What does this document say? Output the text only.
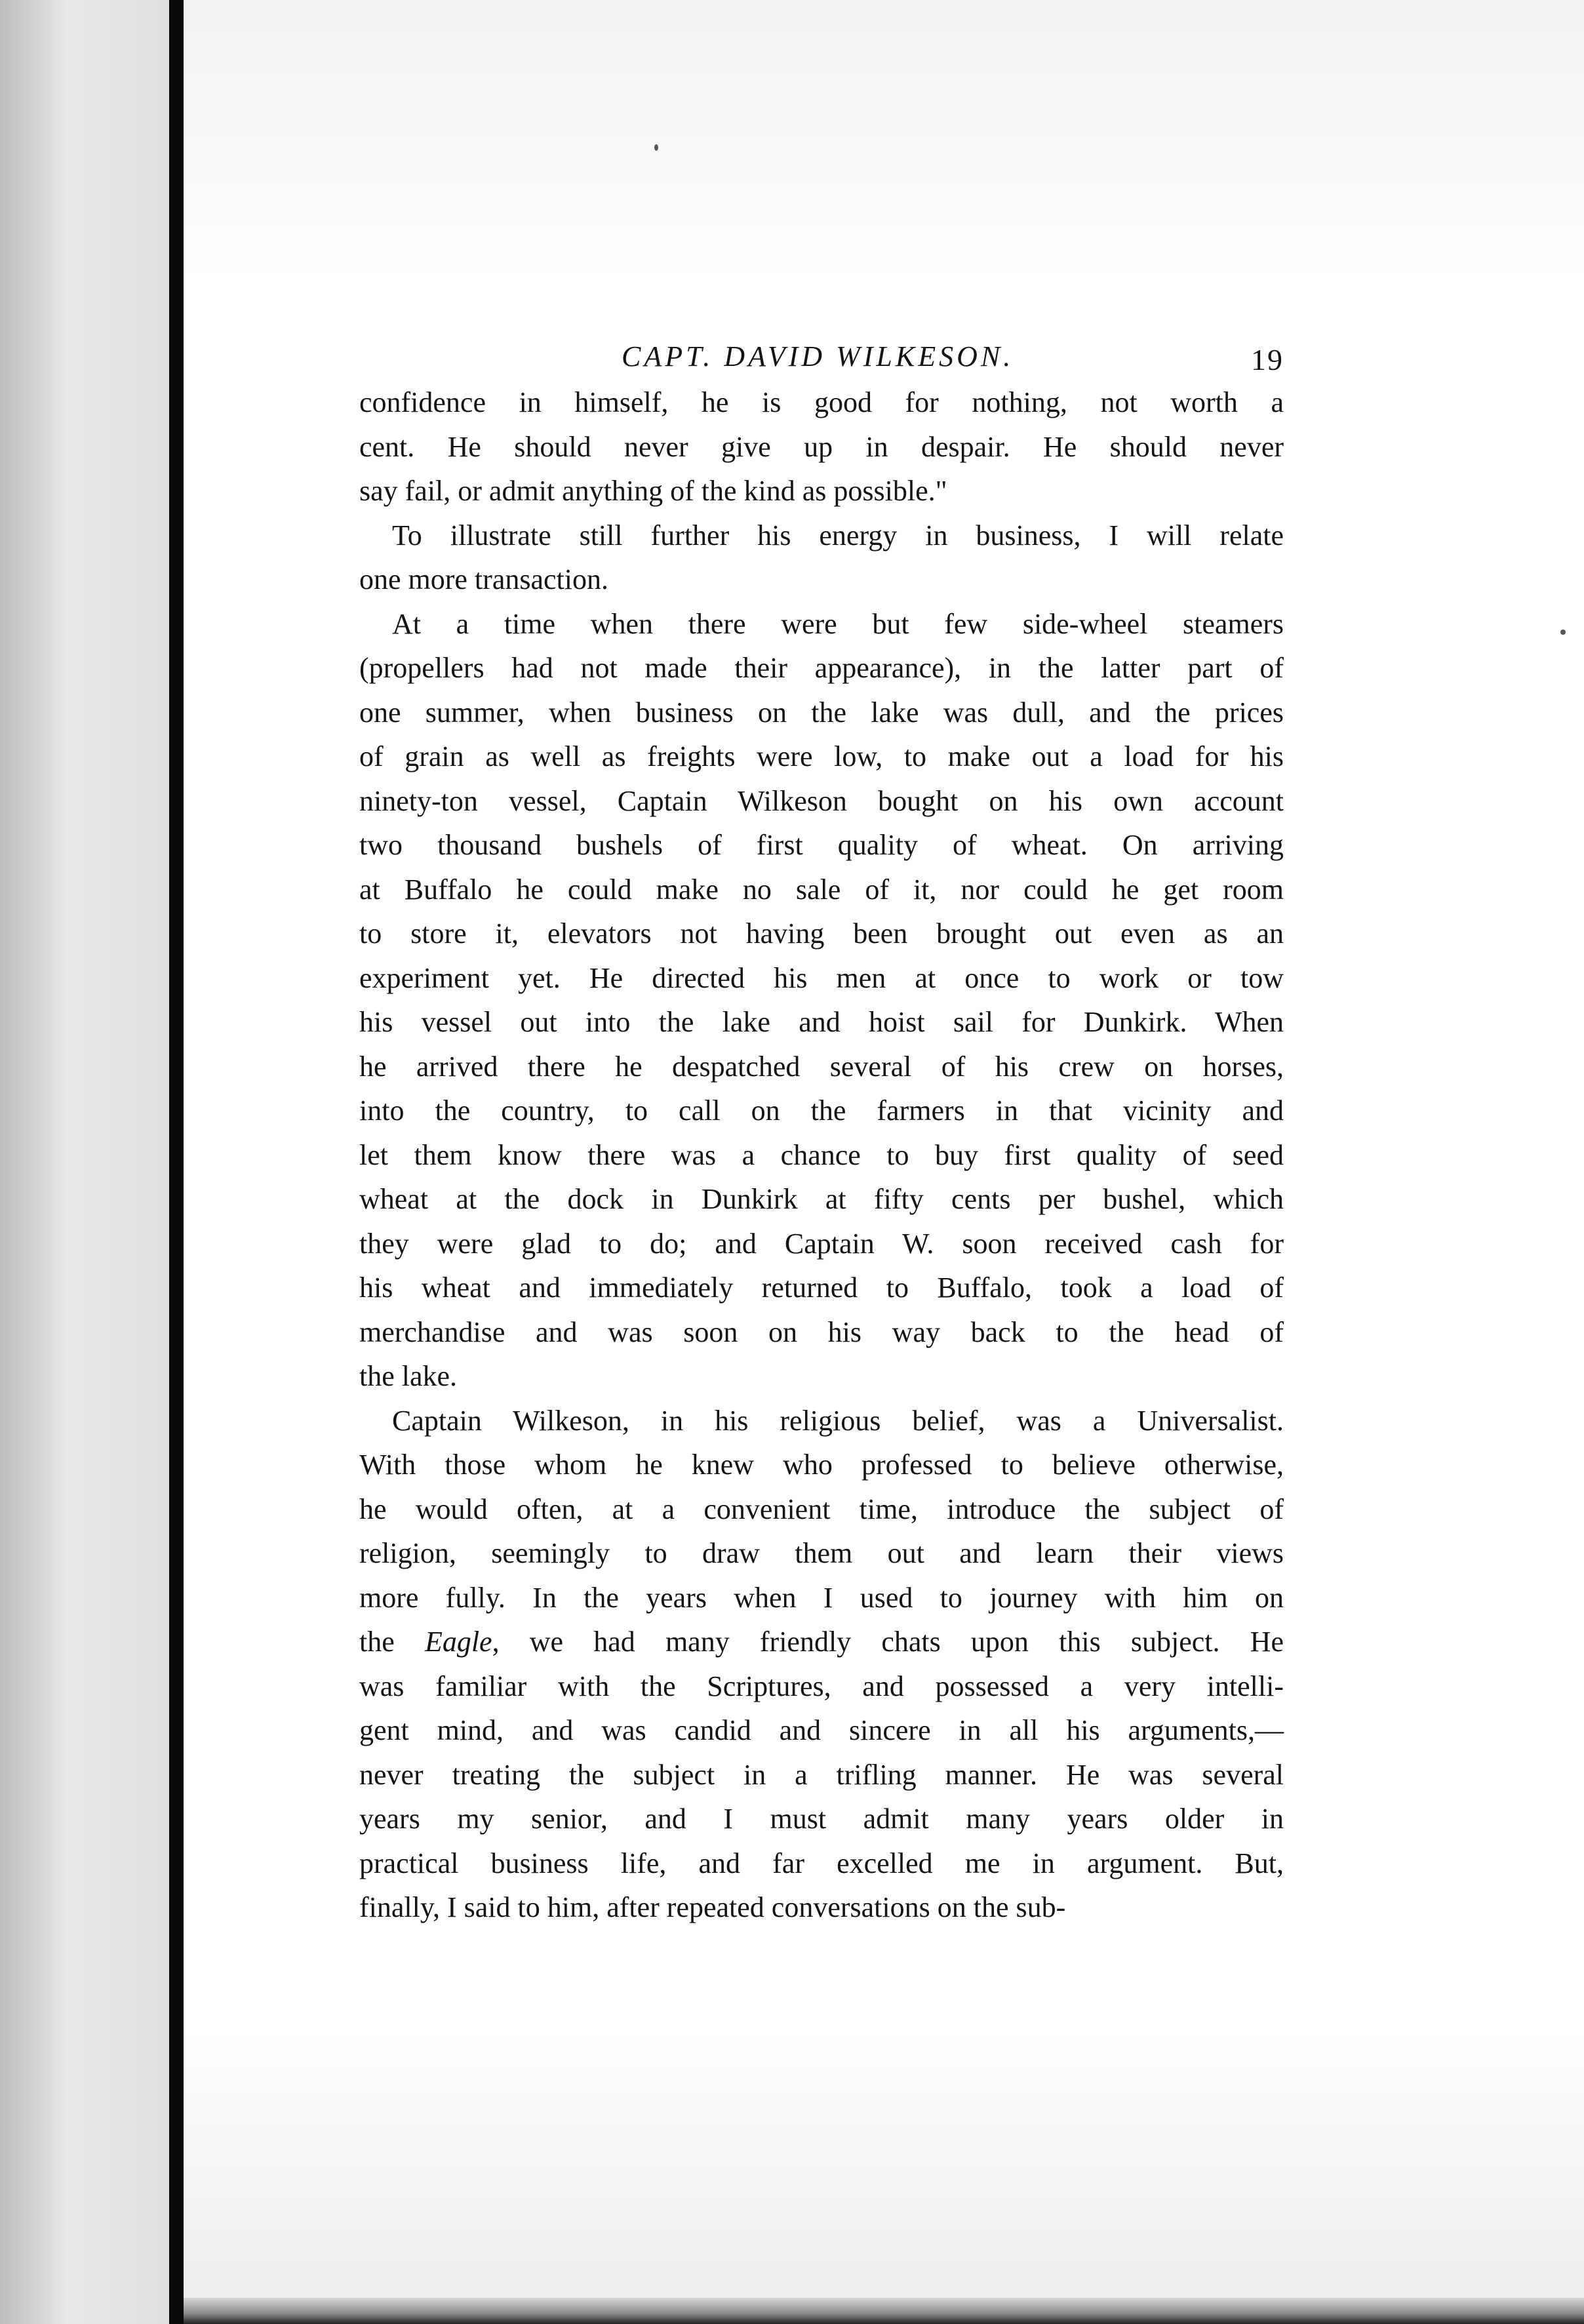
CAPT. DAVID WILKESON.	19
confidence in himself, he is good for nothing, not worth a
cent. He should never give up in despair. He should never
say fail, or admit anything of the kind as possible."
To illustrate still further his energy in business, I will relate
one more transaction.
At a time when there were but few side-wheel steamers
(propellers had not made their appearance), in the latter part of
one summer, when business on the lake was dull, and the prices
of grain as well as freights were low, to make out a load for his
ninety-ton vessel, Captain Wilkeson bought on his own account
two thousand bushels of first quality of wheat. On arriving
at Buffalo he could make no sale of it, nor could he get room
to store it, elevators not having been brought out even as an
experiment yet. He directed his men at once to work or tow
his vessel out into the lake and hoist sail for Dunkirk. When
he arrived there he despatched several of his crew on horses,
into the country, to call on the farmers in that vicinity and
let them know there was a chance to buy first quality of seed
wheat at the dock in Dunkirk at fifty cents per bushel, which
they were glad to do; and Captain W. soon received cash for
his wheat and immediately returned to Buffalo, took a load of
merchandise and was soon on his way back to the head of
the lake.
Captain Wilkeson, in his religious belief, was a Universalist.
With those whom he knew who professed to believe otherwise,
he would often, at a convenient time, introduce the subject of
religion, seemingly to draw them out and learn their views
more fully. In the years when I used to journey with him on
the Eagle, we had many friendly chats upon this subject. He
was familiar with the Scriptures, and possessed a very intelli-
gent mind, and was candid and sincere in all his arguments,—
never treating the subject in a trifling manner. He was several
years my senior, and I must admit many years older in
practical business life, and far excelled me in argument. But,
finally, I said to him, after repeated conversations on the sub-
